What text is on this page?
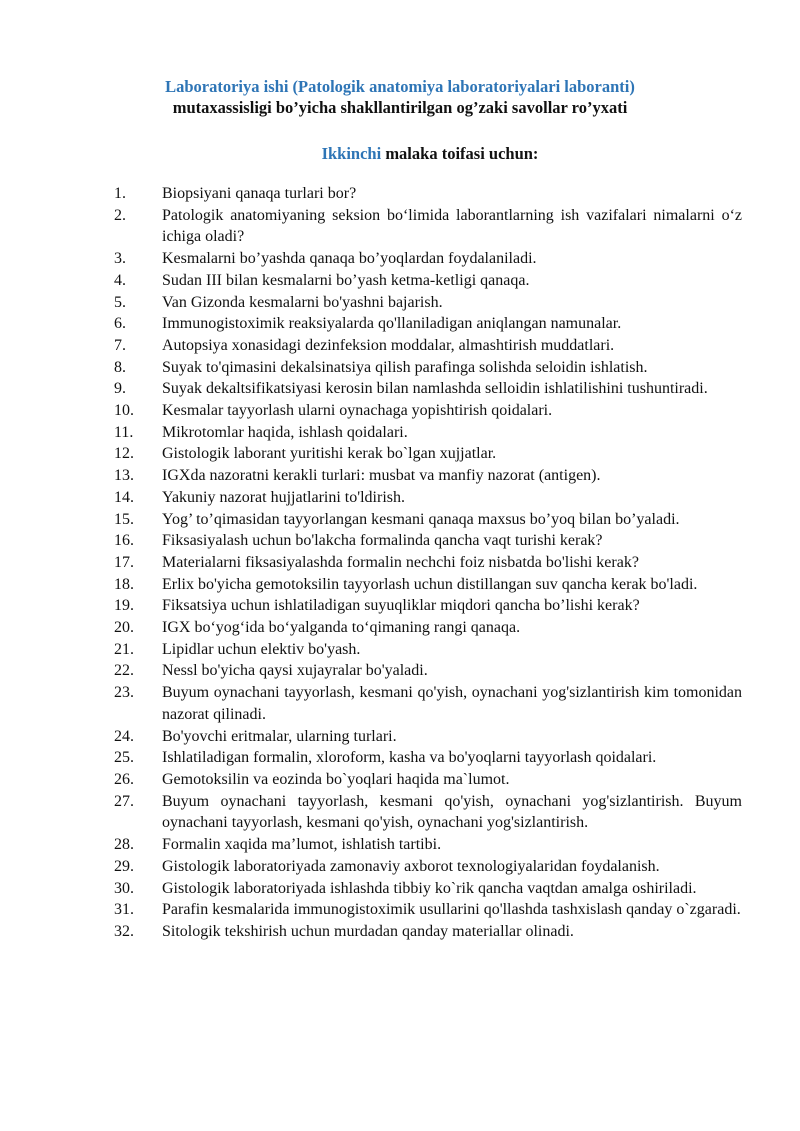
Laboratoriya ishi (Patologik anatomiya laboratoriyalari laboranti)
mutaxassisligi bo’yicha shakllantirilgan og’zaki savollar ro’yxati
Ikkinchi malaka toifasi uchun:
1.	Biopsiyani qanaqa turlari bor?
2.	Patologik anatomiyaning seksion bo‘limida laborantlarning ish vazifalari nimalarni o‘z ichiga oladi?
3.	Kesmalarni bo’yashda qanaqa bo’yoqlardan foydalaniladi.
4.	Sudan III bilan kesmalarni bo’yash ketma-ketligi qanaqa.
5.	Van Gizonda kesmalarni bo'yashni bajarish.
6.	Immunogistoximik reaksiyalarda qo'llaniladigan aniqlangan namunalar.
7.	Autopsiya xonasidagi dezinfeksion moddalar, almashtirish muddatlari.
8.	Suyak to'qimasini dekalsinatsiya qilish parafinga solishda seloidin ishlatish.
9.	Suyak dekaltsifikatsiyasi kerosin bilan namlashda selloidin ishlatilishini tushuntiradi.
10.	Kesmalar tayyorlash ularni oynachaga yopishtirish qoidalari.
11.	Mikrotomlar haqida, ishlash qoidalari.
12.	Gistologik laborant yuritishi kerak bo`lgan xujjatlar.
13.	IGXda nazoratni kerakli turlari: musbat va manfiy nazorat (antigen).
14.	Yakuniy nazorat hujjatlarini to'ldirish.
15.	Yog’ to’qimasidan tayyorlangan kesmani qanaqa maxsus bo’yoq bilan bo’yaladi.
16.	Fiksasiyalash uchun bo'lakcha formalinda qancha vaqt turishi kerak?
17.	Materialarni fiksasiyalashda formalin nechchi foiz nisbatda bo'lishi kerak?
18.	Erlix bo'yicha gemotoksilin tayyorlash uchun distillangan suv qancha kerak bo'ladi.
19.	Fiksatsiya uchun ishlatiladigan suyuqliklar miqdori qancha bo’lishi kerak?
20.	IGX bo‘yog‘ida bo‘yalganda to‘qimaning rangi qanaqa.
21.	Lipidlar uchun elektiv bo'yash.
22.	Nessl bo'yicha qaysi xujayralar bo'yaladi.
23.	Buyum oynachani tayyorlash, kesmani qo'yish, oynachani yog'sizlantirish kim tomonidan nazorat qilinadi.
24.	Bo'yovchi eritmalar, ularning turlari.
25.	Ishlatiladigan formalin, xloroform, kasha va bo'yoqlarni tayyorlash qoidalari.
26.	Gemotoksilin va eozinda bo`yoqlari haqida ma`lumot.
27.	Buyum oynachani tayyorlash, kesmani qo'yish, oynachani yog'sizlantirish. Buyum oynachani tayyorlash, kesmani qo'yish, oynachani yog'sizlantirish.
28.	Formalin xaqida ma’lumot, ishlatish tartibi.
29.	Gistologik laboratoriyada zamonaviy axborot texnologiyalaridan foydalanish.
30.	Gistologik laboratoriyada ishlashda tibbiy ko`rik qancha vaqtdan amalga oshiriladi.
31.	Parafin kesmalarida immunogistoximik usullarini qo'llashda tashxislash qanday o`zgaradi.
32.	Sitologik tekshirish uchun murdadan qanday materiallar olinadi.
